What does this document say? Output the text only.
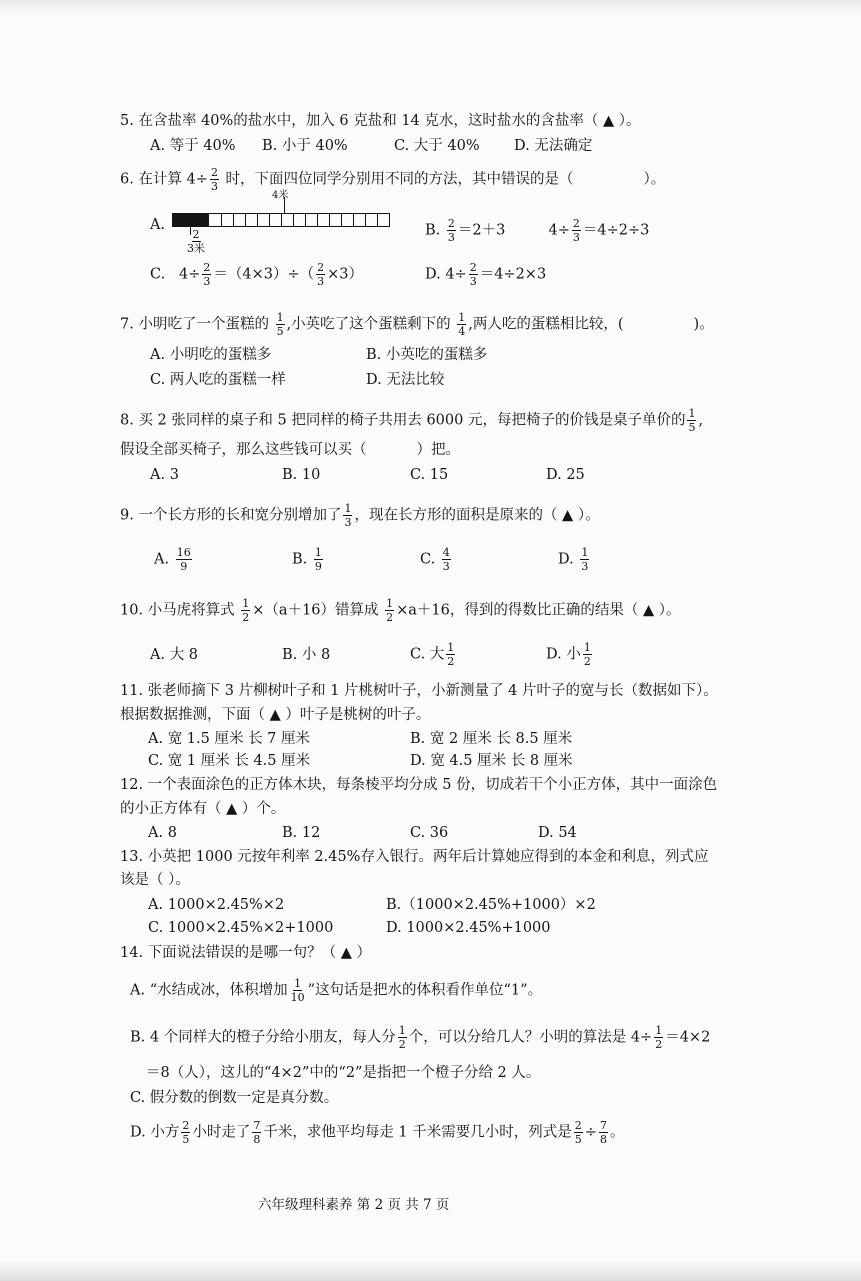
5. 在含盐率 40%的盐水中，加入 6 克盐和 14 克水，这时盐水的含盐率（ ▲ ）。
A. 等于 40% B. 小于 40%	C. 大于 40% D. 无法确定
6. 在计算 $4\div \frac{2}{3}$ 时，下面四位同学分别用不同的方法，其中错误的是（	）。
A.
4米
$\frac{2}{\text{3米}}$	B. $\frac{2}{3} =2+3$	$4\div \frac{2}{3} =4\div 2\div 3$
C. $4\div \frac{2}{3} =(4\times 3)\div( \frac{2}{3} \times 3)$	D. $4\div \frac{2}{3} =4\div 2\times 3$
7. 小明吃了一个蛋糕的 $\frac{1}{5}$ ,小英吃了这个蛋糕剩下的 $\frac{1}{4}$ ,两人吃的蛋糕相比较，(	)。
A. 小明吃的蛋糕多	B. 小英吃的蛋糕多
C. 两人吃的蛋糕一样	D. 无法比较
8. 买 2 张同样的桌子和 5 把同样的椅子共用去 6000 元，每把椅子的价钱是桌子单价的 $\frac{1}{5}$ ,
假设全部买椅子，那么这些钱可以买（	）把。
A. 3	B. 10	C. 15	D. 25
9. 一个长方形的长和宽分别增加了 $\frac{1}{3}$ ，现在长方形的面积是原来的（ ▲ ）。
A. $\frac{16}{9}$	B. $\frac{1}{9}$	C. $\frac{4}{3}$	D. $\frac{1}{3}$
10. 小马虎将算式 $\frac{1}{2} \times(a+16)$错算成 $\frac{1}{2} \times a+16$，得到的得数比正确的结果（ ▲ ）。
A. 大 8	B. 小 8	C. 大 $\frac{1}{2}$	D. 小 $\frac{1}{2}$
11. 张老师摘下 3 片柳树叶子和 1 片桃树叶子，小新测量了 4 片叶子的宽与长（数据如下）。
根据数据推测，下面（ ▲ ）叶子是桃树的叶子。
A. 宽 1.5 厘米 长 7 厘米	B. 宽 2 厘米 长 8.5 厘米
C. 宽 1 厘米 长 4.5 厘米	D. 宽 4.5 厘米 长 8 厘米
12. 一个表面涂色的正方体木块，每条棱平均分成 5 份，切成若干个小正方体，其中一面涂色
的小正方体有（ ▲ ）个。
A. 8	B. 12	C. 36	D. 54
13. 小英把 1000 元按年利率 2.45%存入银行。两年后计算她应得到的本金和利息，列式应
该是（ ）。
A. 1000×2.45%×2	B.（1000×2.45%+1000）×2
C. 1000×2.45%×2+1000	D. 1000×2.45%+1000
14. 下面说法错误的是哪一句？（ ▲ ）
A. “水结成冰，体积增加 $\frac{1}{10}$ ”这句话是把水的体积看作单位“1”。
B. 4 个同样大的橙子分给小朋友，每人分 $\frac{1}{2}$ 个，可以分给几人？小明的算法是 $4\div \frac{1}{2} =4\times 2$
＝8（人），这儿的“4×2”中的“2”是指把一个橙子分给 2 人。
C. 假分数的倒数一定是真分数。
D. 小方 $\frac{2}{5}$ 小时走了 $\frac{7}{8}$ 千米，求他平均每走 1 千米需要几小时，列式是 $\frac{2}{5} \div \frac{7}{8}$ 。
六年级理科素养 第 2 页 共 7 页
